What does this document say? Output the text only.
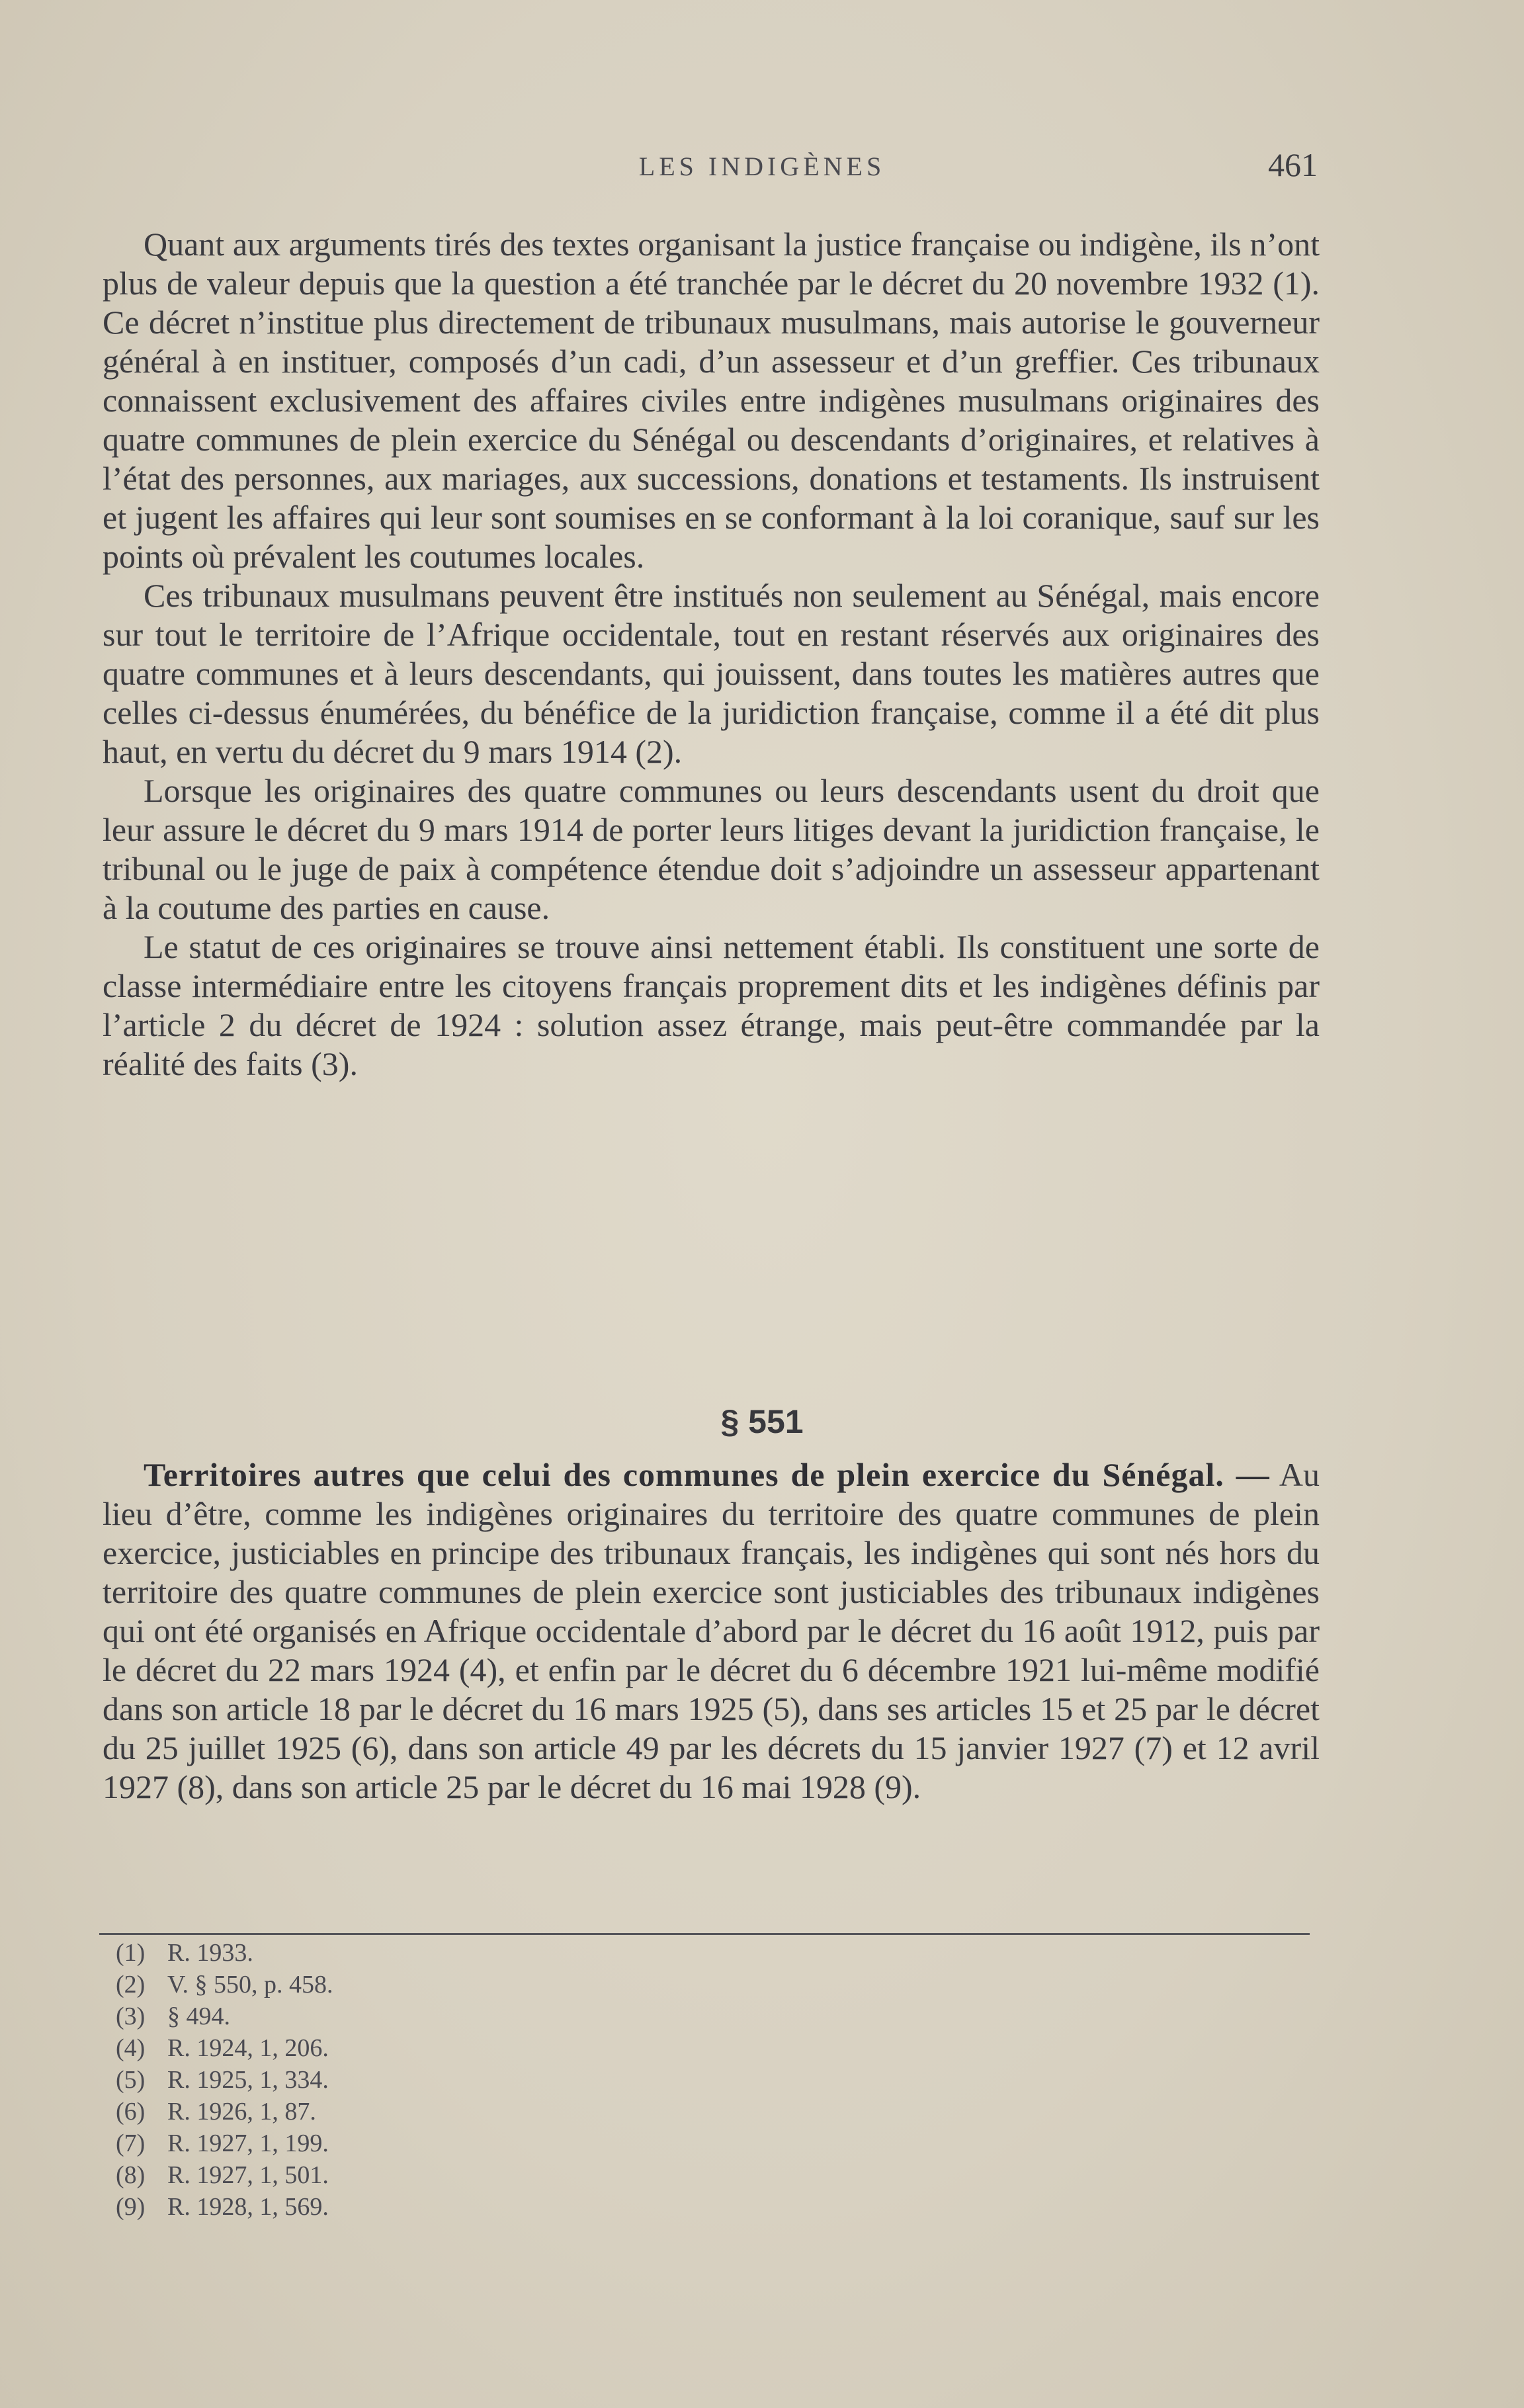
LES INDIGÈNES	461

Quant aux arguments tirés des textes organisant la justice française ou indigène, ils n’ont plus de valeur depuis que la question a été tranchée par le décret du 20 novembre 1932 (1). Ce décret n’institue plus directement de tribunaux musulmans, mais autorise le gouverneur général à en instituer, composés d’un cadi, d’un assesseur et d’un greffier. Ces tribunaux connaissent exclusivement des affaires civiles entre indigènes musulmans originaires des quatre communes de plein exercice du Sénégal ou descendants d’originaires, et relatives à l’état des personnes, aux mariages, aux successions, donations et testaments. Ils instruisent et jugent les affaires qui leur sont soumises en se conformant à la loi coranique, sauf sur les points où prévalent les coutumes locales.

Ces tribunaux musulmans peuvent être institués non seulement au Sénégal, mais encore sur tout le territoire de l’Afrique occidentale, tout en restant réservés aux originaires des quatre communes et à leurs descendants, qui jouissent, dans toutes les matières autres que celles ci-dessus énumérées, du bénéfice de la juridiction française, comme il a été dit plus haut, en vertu du décret du 9 mars 1914 (2).

Lorsque les originaires des quatre communes ou leurs descendants usent du droit que leur assure le décret du 9 mars 1914 de porter leurs litiges devant la juridiction française, le tribunal ou le juge de paix à compétence étendue doit s’adjoindre un assesseur appartenant à la coutume des parties en cause.

Le statut de ces originaires se trouve ainsi nettement établi. Ils constituent une sorte de classe intermédiaire entre les citoyens français proprement dits et les indigènes définis par l’article 2 du décret de 1924 : solution assez étrange, mais peut-être commandée par la réalité des faits (3).

§ 551

Territoires autres que celui des communes de plein exercice du Sénégal. — Au lieu d’être, comme les indigènes originaires du territoire des quatre communes de plein exercice, justiciables en principe des tribunaux français, les indigènes qui sont nés hors du territoire des quatre communes de plein exercice sont justiciables des tribunaux indigènes qui ont été organisés en Afrique occidentale d’abord par le décret du 16 août 1912, puis par le décret du 22 mars 1924 (4), et enfin par le décret du 6 décembre 1921 lui-même modifié dans son article 18 par le décret du 16 mars 1925 (5), dans ses articles 15 et 25 par le décret du 25 juillet 1925 (6), dans son article 49 par les décrets du 15 janvier 1927 (7) et 12 avril 1927 (8), dans son article 25 par le décret du 16 mai 1928 (9).

(1) R. 1933.
(2) V. § 550, p. 458.
(3) § 494.
(4) R. 1924, 1, 206.
(5) R. 1925, 1, 334.
(6) R. 1926, 1, 87.
(7) R. 1927, 1, 199.
(8) R. 1927, 1, 501.
(9) R. 1928, 1, 569.
